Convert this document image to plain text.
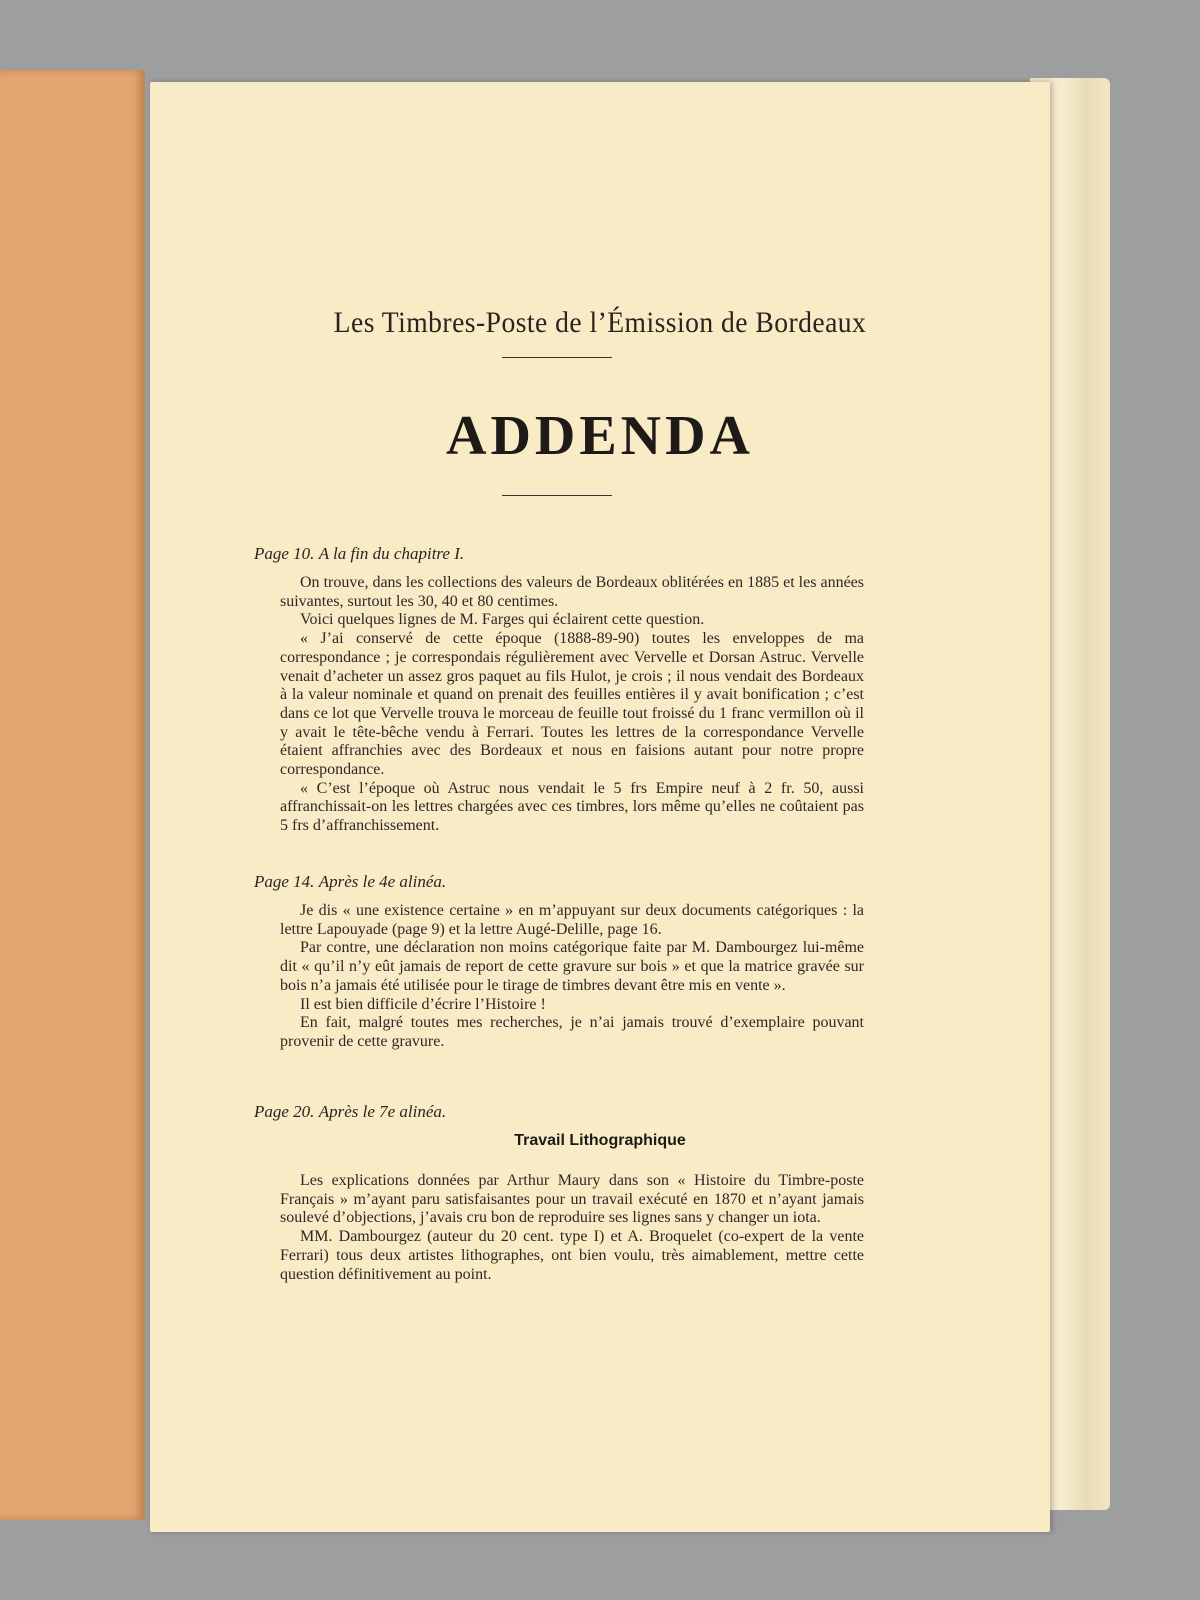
Les Timbres-Poste de l’Émission de Bordeaux
ADDENDA
Page 10. A la fin du chapitre I.

On trouve, dans les collections des valeurs de Bordeaux oblitérées en 1885 et les années suivantes, surtout les 30, 40 et 80 centimes.

Voici quelques lignes de M. Farges qui éclairent cette question.

« J’ai conservé de cette époque (1888-89-90) toutes les enveloppes de ma correspondance ; je correspondais régulièrement avec Vervelle et Dorsan Astruc. Vervelle venait d’acheter un assez gros paquet au fils Hulot, je crois ; il nous vendait des Bordeaux à la valeur nominale et quand on prenait des feuilles entières il y avait bonification ; c’est dans ce lot que Vervelle trouva le morceau de feuille tout froissé du 1 franc vermillon où il y avait le tête-bêche vendu à Ferrari. Toutes les lettres de la correspondance Vervelle étaient affranchies avec des Bordeaux et nous en faisions autant pour notre propre correspondance.

« C’est l’époque où Astruc nous vendait le 5 frs Empire neuf à 2 fr. 50, aussi affranchissait-on les lettres chargées avec ces timbres, lors même qu’elles ne coûtaient pas 5 frs d’affranchissement.

Page 14. Après le 4e alinéa.

Je dis « une existence certaine » en m’appuyant sur deux documents catégoriques : la lettre Lapouyade (page 9) et la lettre Augé-Delille, page 16.

Par contre, une déclaration non moins catégorique faite par M. Dambourgez lui-même dit « qu’il n’y eût jamais de report de cette gravure sur bois » et que la matrice gravée sur bois n’a jamais été utilisée pour le tirage de timbres devant être mis en vente ».

Il est bien difficile d’écrire l’Histoire !

En fait, malgré toutes mes recherches, je n’ai jamais trouvé d’exemplaire pouvant provenir de cette gravure.

Page 20. Après le 7e alinéa.
Travail Lithographique

Les explications données par Arthur Maury dans son « Histoire du Timbre-poste Français » m’ayant paru satisfaisantes pour un travail exécuté en 1870 et n’ayant jamais soulevé d’objections, j’avais cru bon de reproduire ses lignes sans y changer un iota.

MM. Dambourgez (auteur du 20 cent. type I) et A. Broquelet (co-expert de la vente Ferrari) tous deux artistes lithographes, ont bien voulu, très aimablement, mettre cette question définitivement au point.
